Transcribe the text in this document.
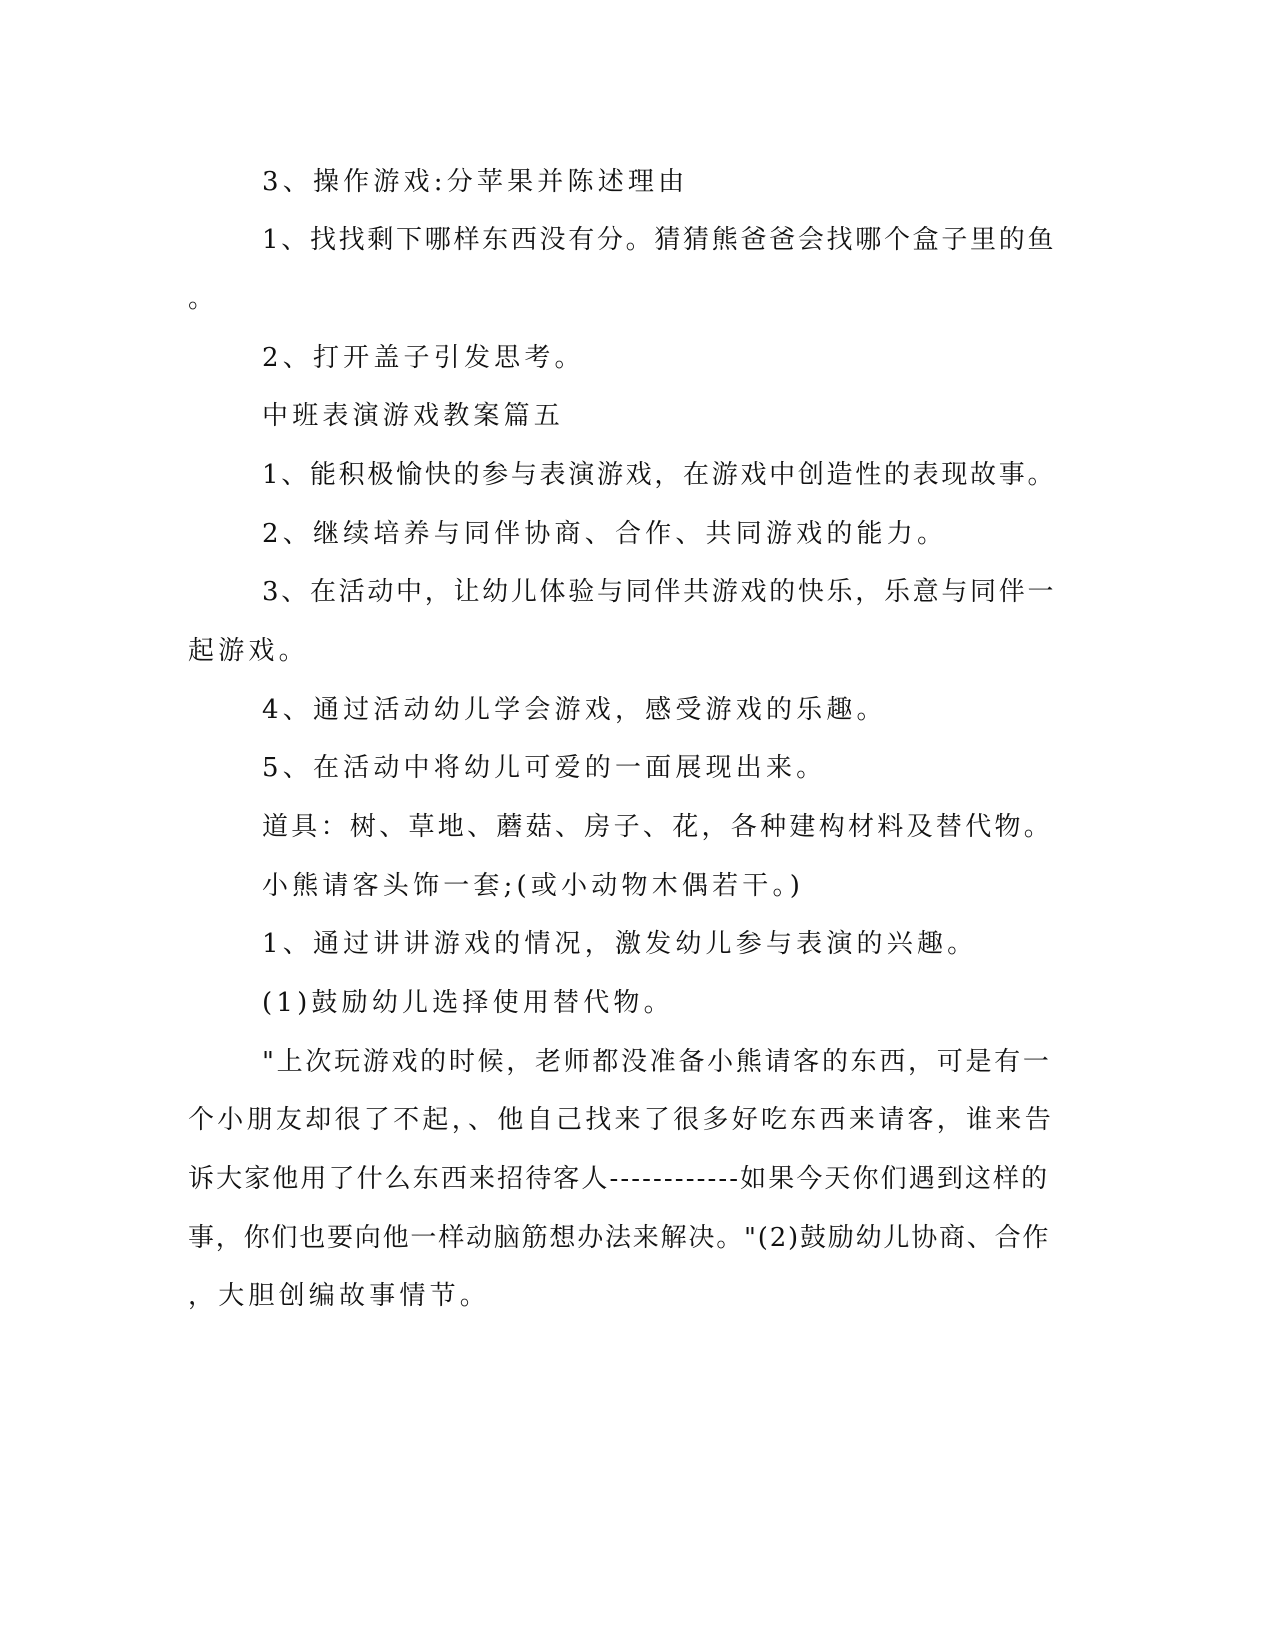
3、操作游戏:分苹果并陈述理由
1、找找剩下哪样东西没有分。猜猜熊爸爸会找哪个盒子里的鱼
。
2、打开盖子引发思考。
中班表演游戏教案篇五
1、能积极愉快的参与表演游戏，在游戏中创造性的表现故事。
2、继续培养与同伴协商、合作、共同游戏的能力。
3、在活动中，让幼儿体验与同伴共游戏的快乐，乐意与同伴一
起游戏。
4、通过活动幼儿学会游戏，感受游戏的乐趣。
5、在活动中将幼儿可爱的一面展现出来。
道具：树、草地、蘑菇、房子、花，各种建构材料及替代物。
小熊请客头饰一套;(或小动物木偶若干。)
1、通过讲讲游戏的情况，激发幼儿参与表演的兴趣。
(1)鼓励幼儿选择使用替代物。
"上次玩游戏的时候，老师都没准备小熊请客的东西，可是有一
个小朋友却很了不起，、他自己找来了很多好吃东西来请客，谁来告
诉大家他用了什么东西来招待客人------------如果今天你们遇到这样的
事，你们也要向他一样动脑筋想办法来解决。"(2)鼓励幼儿协商、合作
，大胆创编故事情节。
